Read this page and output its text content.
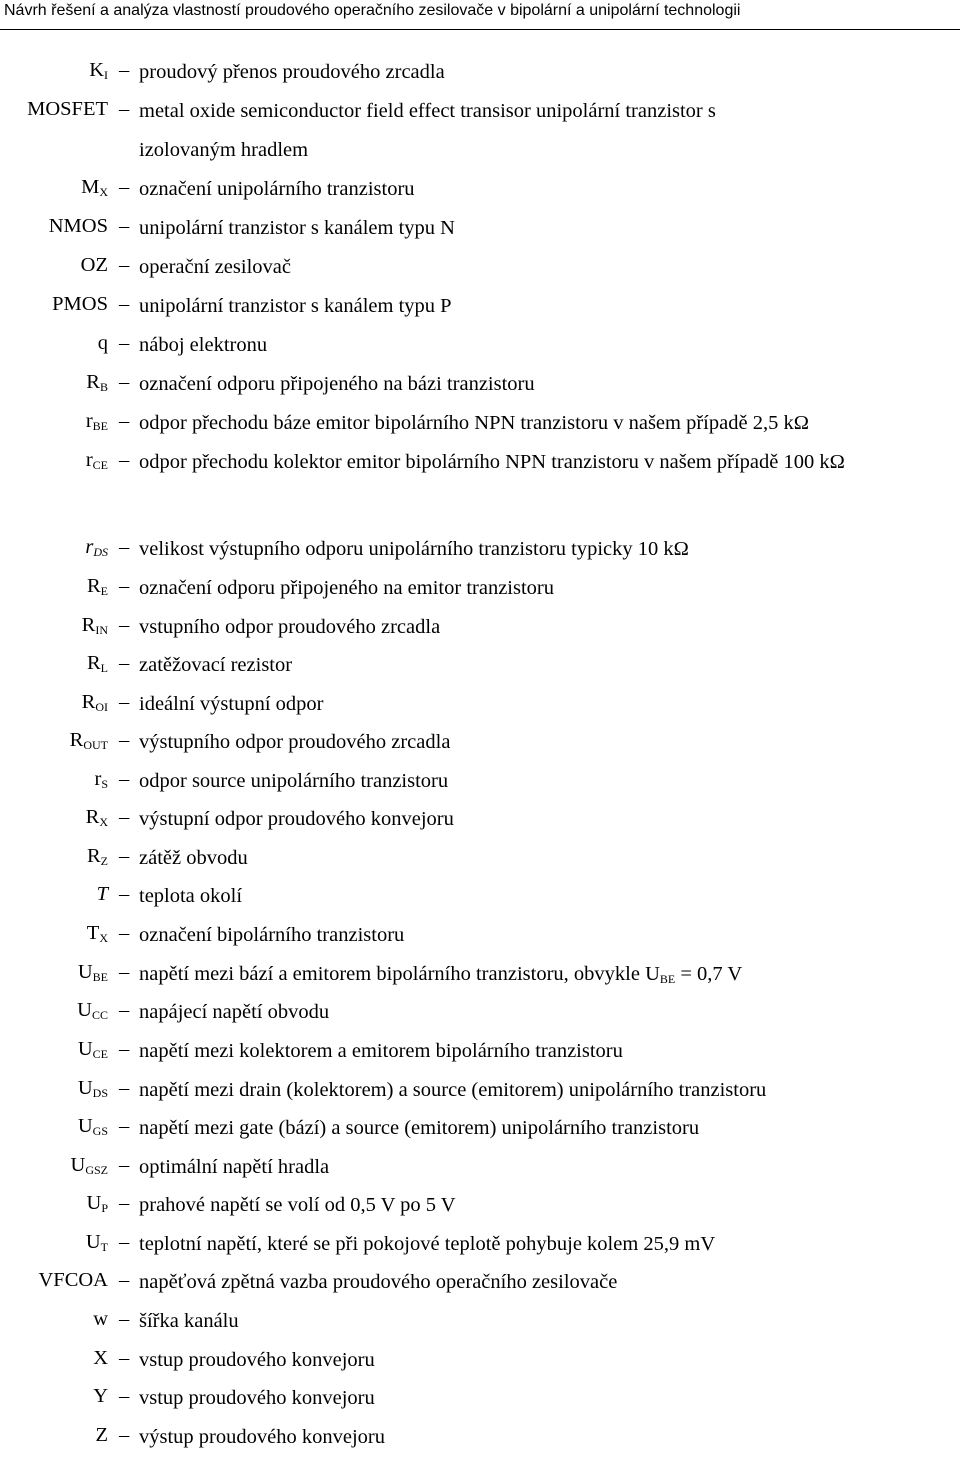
Návrh řešení a analýza vlastností proudového operačního zesilovače v bipolární a unipolární technologii
$K_I$ – proudový přenos proudového zrcadla
MOSFET – metal oxide semiconductor field effect transisor unipolární tranzistor s izolovaným hradlem
$M_X$ – označení unipolárního tranzistoru
NMOS – unipolární tranzistor s kanálem typu N
OZ – operační zesilovač
PMOS – unipolární tranzistor s kanálem typu P
q – náboj elektronu
$R_B$ – označení odporu připojeného na bázi tranzistoru
$r_{BE}$ – odpor přechodu báze emitor bipolárního NPN tranzistoru v našem případě 2,5 kΩ
$r_{CE}$ – odpor přechodu kolektor emitor bipolárního NPN tranzistoru v našem případě 100 kΩ
$r_{DS}$ – velikost výstupního odporu unipolárního tranzistoru typicky 10 kΩ
$R_E$ – označení odporu připojeného na emitor tranzistoru
$R_{IN}$ – vstupního odpor proudového zrcadla
$R_L$ – zatěžovací rezistor
$R_{OI}$ – ideální výstupní odpor
$R_{OUT}$ – výstupního odpor proudového zrcadla
$r_S$ – odpor source unipolárního tranzistoru
$R_X$ – výstupní odpor proudového konvejoru
$R_Z$ – zátěž obvodu
T – teplota okolí
$T_X$ – označení bipolárního tranzistoru
$U_{BE}$ – napětí mezi bází a emitorem bipolárního tranzistoru, obvykle UBE = 0,7 V
$U_{CC}$ – napájecí napětí obvodu
$U_{CE}$ – napětí mezi kolektorem a emitorem bipolárního tranzistoru
$U_{DS}$ – napětí mezi drain (kolektorem) a source (emitorem) unipolárního tranzistoru
$U_{GS}$ – napětí mezi gate (bází) a source (emitorem) unipolárního tranzistoru
$U_{GSZ}$ – optimální napětí hradla
$U_P$ – prahové napětí se volí od 0,5 V po 5 V
$U_T$ – teplotní napětí, které se při pokojové teplotě pohybuje kolem 25,9 mV
VFCOA – napěťová zpětná vazba proudového operačního zesilovače
w – šířka kanálu
X – vstup proudového konvejoru
Y – vstup proudového konvejoru
Z – výstup proudového konvejoru
